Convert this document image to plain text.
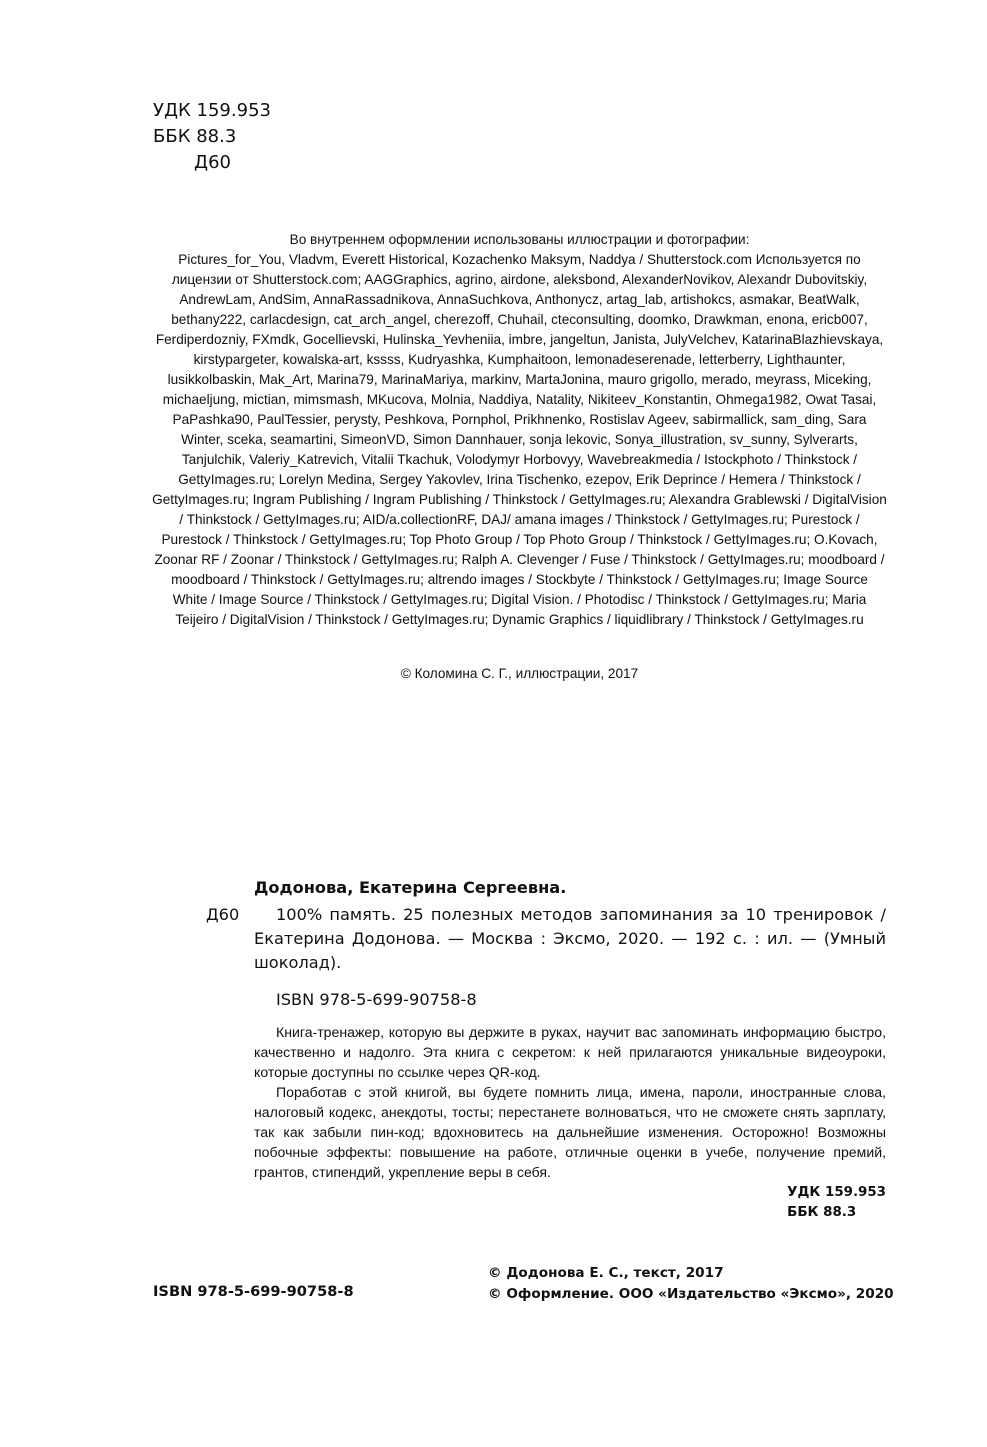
УДК 159.953
ББК 88.3
Д60

Во внутреннем оформлении использованы иллюстрации и фотографии:

Pictures_for_You, Vladvm, Everett Historical, Kozachenko Maksym, Naddya / Shutterstock.com Используется по лицензии от Shutterstock.com; AAGGraphics, agrino, airdone, aleksbond, AlexanderNovikov, Alexandr Dubovitskiy, AndrewLam, AndSim, AnnaRassadnikova, AnnaSuchkova, Anthonycz, artag_lab, artishokcs, asmakar, BeatWalk, bethany222, carlacdesign, cat_arch_angel, cherezoff, Chuhail, cteconsulting, doomko, Drawkman, enona, ericb007, Ferdiperdozniy, FXmdk, Gocellievski, Hulinska_Yevheniia, imbre, jangeltun, Janista, JulyVelchev, KatarinaBlazhievskaya, kirstypargeter, kowalska-art, kssss, Kudryashka, Kumphaitoon, lemonadeserenade, letterberry, Lighthaunter, lusikkolbaskin, Mak_Art, Marina79, MarinaMariya, markinv, MartaJonina, mauro grigollo, merado, meyrass, Miceking, michaeljung, mictian, mimsmash, MKucova, Molnia, Naddiya, Natality, Nikiteev_Konstantin, Ohmega1982, Owat Tasai, PaPashka90, PaulTessier, perysty, Peshkova, Pornphol, Prikhnenko, Rostislav Ageev, sabirmallick, sam_ding, Sara Winter, sceka, seamartini, SimeonVD, Simon Dannhauer, sonja lekovic, Sonya_illustration, sv_sunny, Sylverarts, Tanjulchik, Valeriy_Katrevich, Vitalii Tkachuk, Volodymyr Horbovyy, Wavebreakmedia / Istockphoto / Thinkstock / GettyImages.ru; Lorelyn Medina, Sergey Yakovlev, Irina Tischenko, ezepov, Erik Deprince / Hemera / Thinkstock / GettyImages.ru; Ingram Publishing / Ingram Publishing / Thinkstock / GettyImages.ru; Alexandra Grablewski / DigitalVision / Thinkstock / GettyImages.ru; AID/a.collectionRF, DAJ/ amana images / Thinkstock / GettyImages.ru; Purestock / Purestock / Thinkstock / GettyImages.ru; Top Photo Group / Top Photo Group / Thinkstock / GettyImages.ru; O.Kovach, Zoonar RF / Zoonar / Thinkstock / GettyImages.ru; Ralph A. Clevenger / Fuse / Thinkstock / GettyImages.ru; moodboard / moodboard / Thinkstock / GettyImages.ru; altrendo images / Stockbyte / Thinkstock / GettyImages.ru; Image Source White / Image Source / Thinkstock / GettyImages.ru; Digital Vision. / Photodisc / Thinkstock / GettyImages.ru; Maria Teijeiro / DigitalVision / Thinkstock / GettyImages.ru; Dynamic Graphics / liquidlibrary / Thinkstock / GettyImages.ru

© Коломина С. Г., иллюстрации, 2017
Додонова, Екатерина Сергеевна.
Д60	100% память. 25 полезных методов запоминания за 10 тренировок / Екатерина Додонова. — Москва : Эксмо, 2020. — 192 с. : ил. — (Умный шоколад).
ISBN 978-5-699-90758-8

Книга-тренажер, которую вы держите в руках, научит вас запоминать информацию быстро, качественно и надолго. Эта книга с секретом: к ней прилагаются уникальные видеоуроки, которые доступны по ссылке через QR-код.

Поработав с этой книгой, вы будете помнить лица, имена, пароли, иностранные слова, налоговый кодекс, анекдоты, тосты; перестанете волноваться, что не сможете снять зарплату, так как забыли пин-код; вдохновитесь на дальнейшие изменения. Осторожно! Возможны побочные эффекты: повышение на работе, отличные оценки в учебе, получение премий, грантов, стипендий, укрепление веры в себя.

УДК 159.953
ББК 88.3
ISBN 978-5-699-90758-8
© Додонова Е. С., текст, 2017
© Оформление. ООО «Издательство «Эксмо», 2020
